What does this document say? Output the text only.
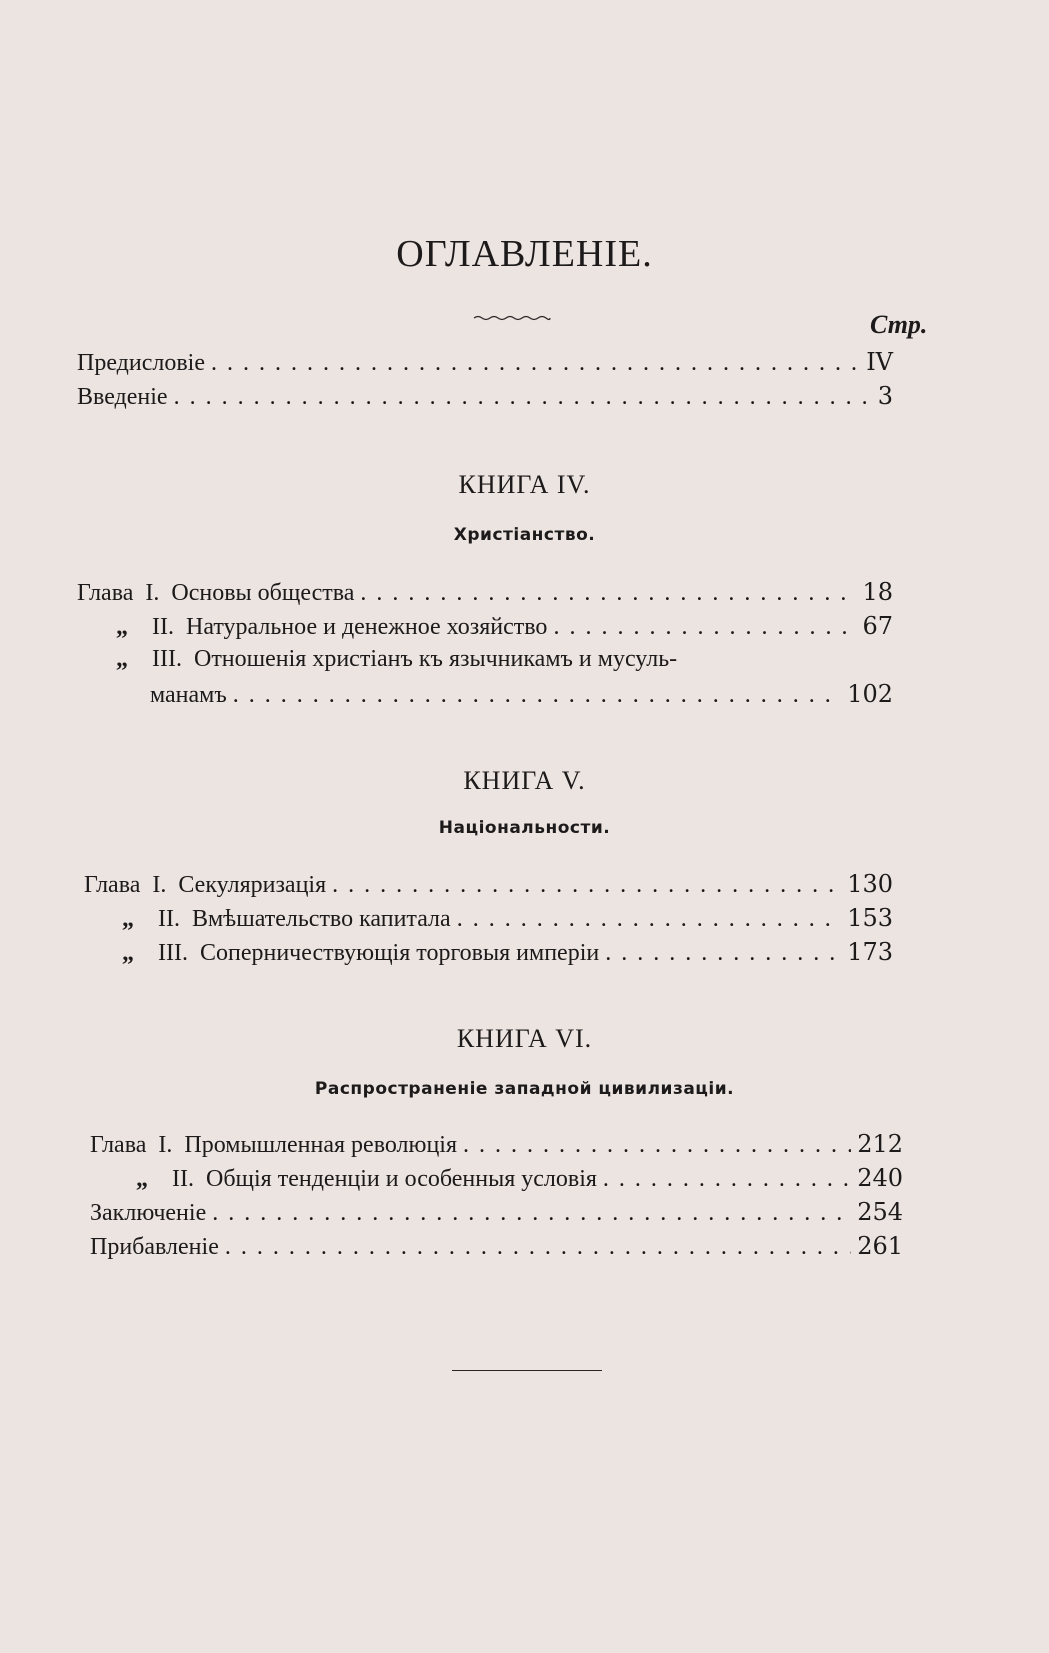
ОГЛАВЛЕНІЕ.
Стр.
Предисловіе . . .	IV
Введеніе . . .	3
КНИГА IV.
Христіанство.
Глава I. Основы общества . . .	18
„ II. Натуральное и денежное хозяйство . . .	67
„ III. Отношенія христіанъ къ язычникамъ и мусуль-
манамъ . . .	102
КНИГА V.
Національности.
Глава I. Секуляризація . . .	130
„ II. Вмѣшательство капитала . . .	153
„ III. Соперничествующія торговыя имперіи . . .	173
КНИГА VI.
Распространеніе западной цивилизаціи.
Глава I. Промышленная революція . . .	212
„ II. Общія тенденціи и особенныя условія . . .	240
Заключеніе . . .	254
Прибавленіе . . .	261
